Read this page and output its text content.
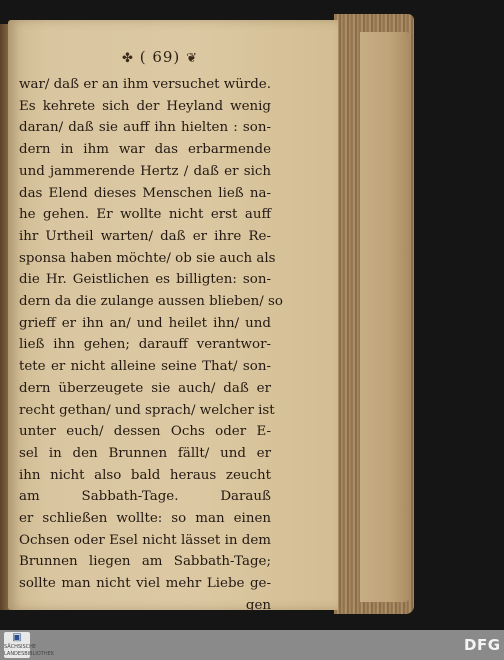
✤ ( 69) ❦
war/ daß er an ihm versuchet würde.
Es kehrete sich der Heyland wenig
daran/ daß sie auff ihn hielten : son-
dern in ihm war das erbarmende
und jammerende Hertz / daß er sich
das Elend dieses Menschen ließ na-
he gehen. Er wollte nicht erst auff
ihr Urtheil warten/ daß er ihre Re-
sponsa haben möchte/ ob sie auch als
die Hr. Geistlichen es billigten: son-
dern da die zulange aussen blieben/ so
grieff er ihn an/ und heilet ihn/ und
ließ ihn gehen; darauff verantwor-
tete er nicht alleine seine That/ son-
dern überzeugete sie auch/ daß er
recht gethan/ und sprach/ welcher ist
unter euch/ dessen Ochs oder E-
sel in den Brunnen fällt/ und er
ihn nicht also bald heraus zeucht
am Sabbath-Tage. Darauß
er schließen wollte: so man einen
Ochsen oder Esel nicht lässet in dem
Brunnen liegen am Sabbath-Tage;
sollte man nicht viel mehr Liebe ge-
gen
▣
SÄCHSISCHE LANDESBIBLIOTHEK	DFG
